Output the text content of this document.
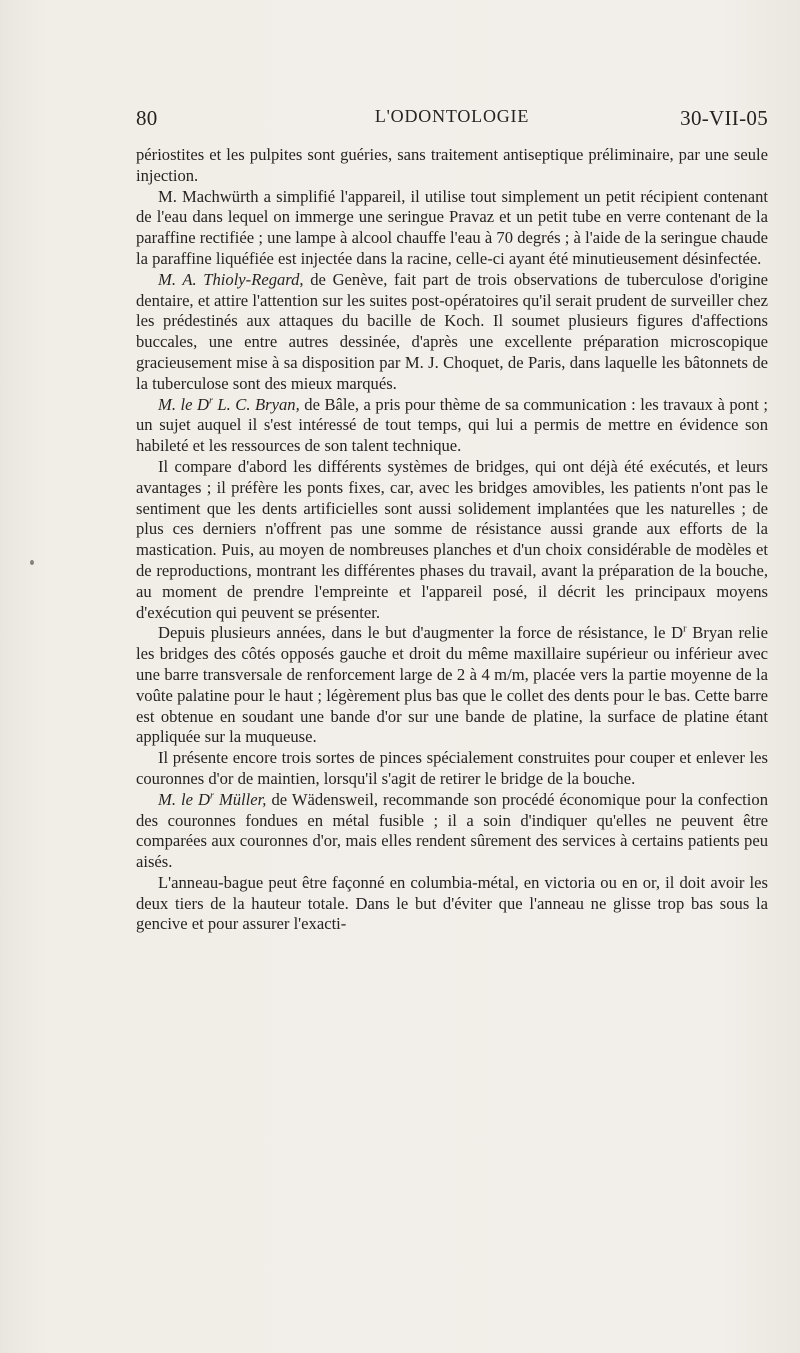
80	L'ODONTOLOGIE	30-VII-05

périostites et les pulpites sont guéries, sans traitement antiseptique préliminaire, par une seule injection.

M. Machwürth a simplifié l'appareil, il utilise tout simplement un petit récipient contenant de l'eau dans lequel on immerge une seringue Pravaz et un petit tube en verre contenant de la paraffine rectifiée ; une lampe à alcool chauffe l'eau à 70 degrés ; à l'aide de la seringue chaude la paraffine liquéfiée est injectée dans la racine, celle-ci ayant été minutieusement désinfectée.

M. A. Thioly-Regard, de Genève, fait part de trois observations de tuberculose d'origine dentaire, et attire l'attention sur les suites post-opératoires qu'il serait prudent de surveiller chez les prédestinés aux attaques du bacille de Koch. Il soumet plusieurs figures d'affections buccales, une entre autres dessinée, d'après une excellente préparation microscopique gracieusement mise à sa disposition par M. J. Choquet, de Paris, dans laquelle les bâtonnets de la tuberculose sont des mieux marqués.

M. le $D^r$ L. C. Bryan, de Bâle, a pris pour thème de sa communication : les travaux à pont ; un sujet auquel il s'est intéressé de tout temps, qui lui a permis de mettre en évidence son habileté et les ressources de son talent technique.

Il compare d'abord les différents systèmes de bridges, qui ont déjà été exécutés, et leurs avantages ; il préfère les ponts fixes, car, avec les bridges amovibles, les patients n'ont pas le sentiment que les dents artificielles sont aussi solidement implantées que les naturelles ; de plus ces derniers n'offrent pas une somme de résistance aussi grande aux efforts de la mastication. Puis, au moyen de nombreuses planches et d'un choix considérable de modèles et de reproductions, montrant les différentes phases du travail, avant la préparation de la bouche, au moment de prendre l'empreinte et l'appareil posé, il décrit les principaux moyens d'exécution qui peuvent se présenter.

Depuis plusieurs années, dans le but d'augmenter la force de résistance, le $D^r$ Bryan relie les bridges des côtés opposés gauche et droit du même maxillaire supérieur ou inférieur avec une barre transversale de renforcement large de 2 à 4 m/m, placée vers la partie moyenne de la voûte palatine pour le haut ; légèrement plus bas que le collet des dents pour le bas. Cette barre est obtenue en soudant une bande d'or sur une bande de platine, la surface de platine étant appliquée sur la muqueuse.

Il présente encore trois sortes de pinces spécialement construites pour couper et enlever les couronnes d'or de maintien, lorsqu'il s'agit de retirer le bridge de la bouche.

M. le $D^r$ Müller, de Wädensweil, recommande son procédé économique pour la confection des couronnes fondues en métal fusible ; il a soin d'indiquer qu'elles ne peuvent être comparées aux couronnes d'or, mais elles rendent sûrement des services à certains patients peu aisés.

L'anneau-bague peut être façonné en columbia-métal, en victoria ou en or, il doit avoir les deux tiers de la hauteur totale. Dans le but d'éviter que l'anneau ne glisse trop bas sous la gencive et pour assurer l'exacti-
